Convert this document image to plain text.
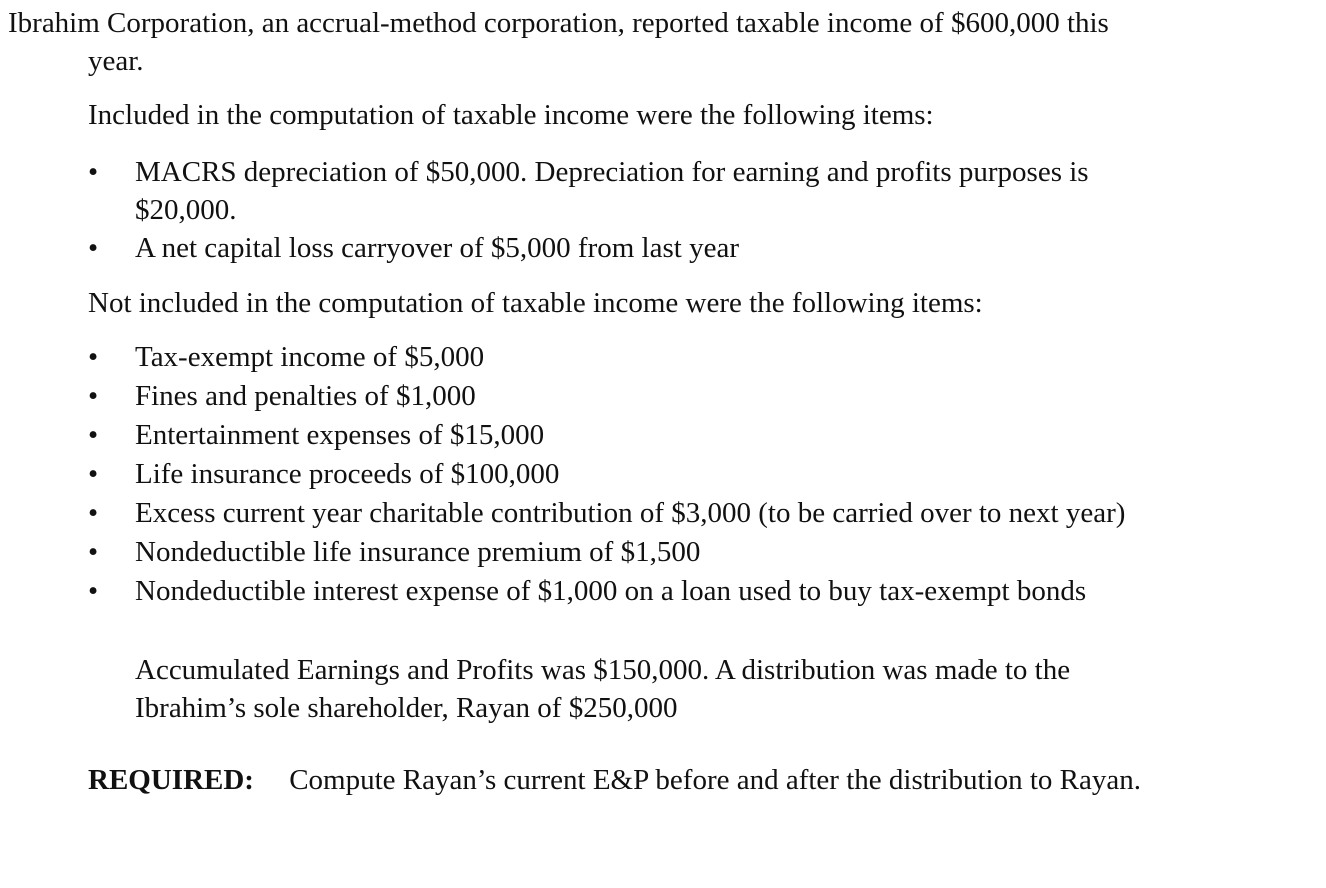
Ibrahim Corporation, an accrual-method corporation, reported taxable income of $600,000 this
year.

Included in the computation of taxable income were the following items:

• MACRS depreciation of $50,000. Depreciation for earning and profits purposes is
$20,000.
• A net capital loss carryover of $5,000 from last year

Not included in the computation of taxable income were the following items:

• Tax-exempt income of $5,000
• Fines and penalties of $1,000
• Entertainment expenses of $15,000
• Life insurance proceeds of $100,000
• Excess current year charitable contribution of $3,000 (to be carried over to next year)
• Nondeductible life insurance premium of $1,500
• Nondeductible interest expense of $1,000 on a loan used to buy tax-exempt bonds

Accumulated Earnings and Profits was $150,000. A distribution was made to the
Ibrahim’s sole shareholder, Rayan of $250,000

REQUIRED: Compute Rayan’s current E&P before and after the distribution to Rayan.
